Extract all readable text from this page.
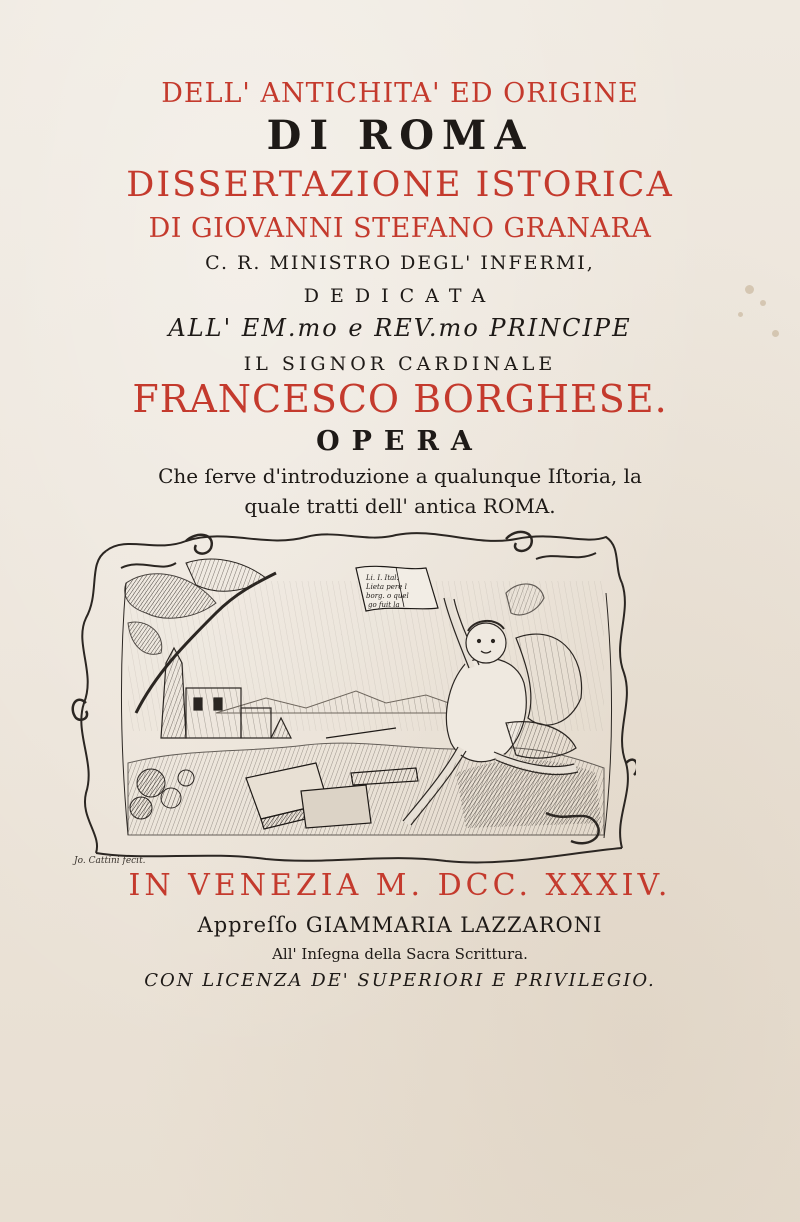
DELL' ANTICHITA' ED ORIGINE
DI ROMA
DISSERTAZIONE ISTORICA
DI GIOVANNI STEFANO GRANARA
C. R. MINISTRO DEGL' INFERMI,
DEDICATA
ALL' EM.mo e REV.mo PRINCIPE
IL SIGNOR CARDINALE
FRANCESCO BORGHESE.
OPERA
Che ſerve d'introduzione a qualunque Iſtoria, la
quale tratti dell' antica ROMA.
Li. I. Ital.
Lieta pere l
borg. o quel
go fuit la
Jo. Cattini fecit.
IN VENEZIA M. DCC. XXXIV.
Appreſſo GIAMMARIA LAZZARONI
All' Inſegna della Sacra Scrittura.
CON LICENZA DE' SUPERIORI E PRIVILEGIO.
